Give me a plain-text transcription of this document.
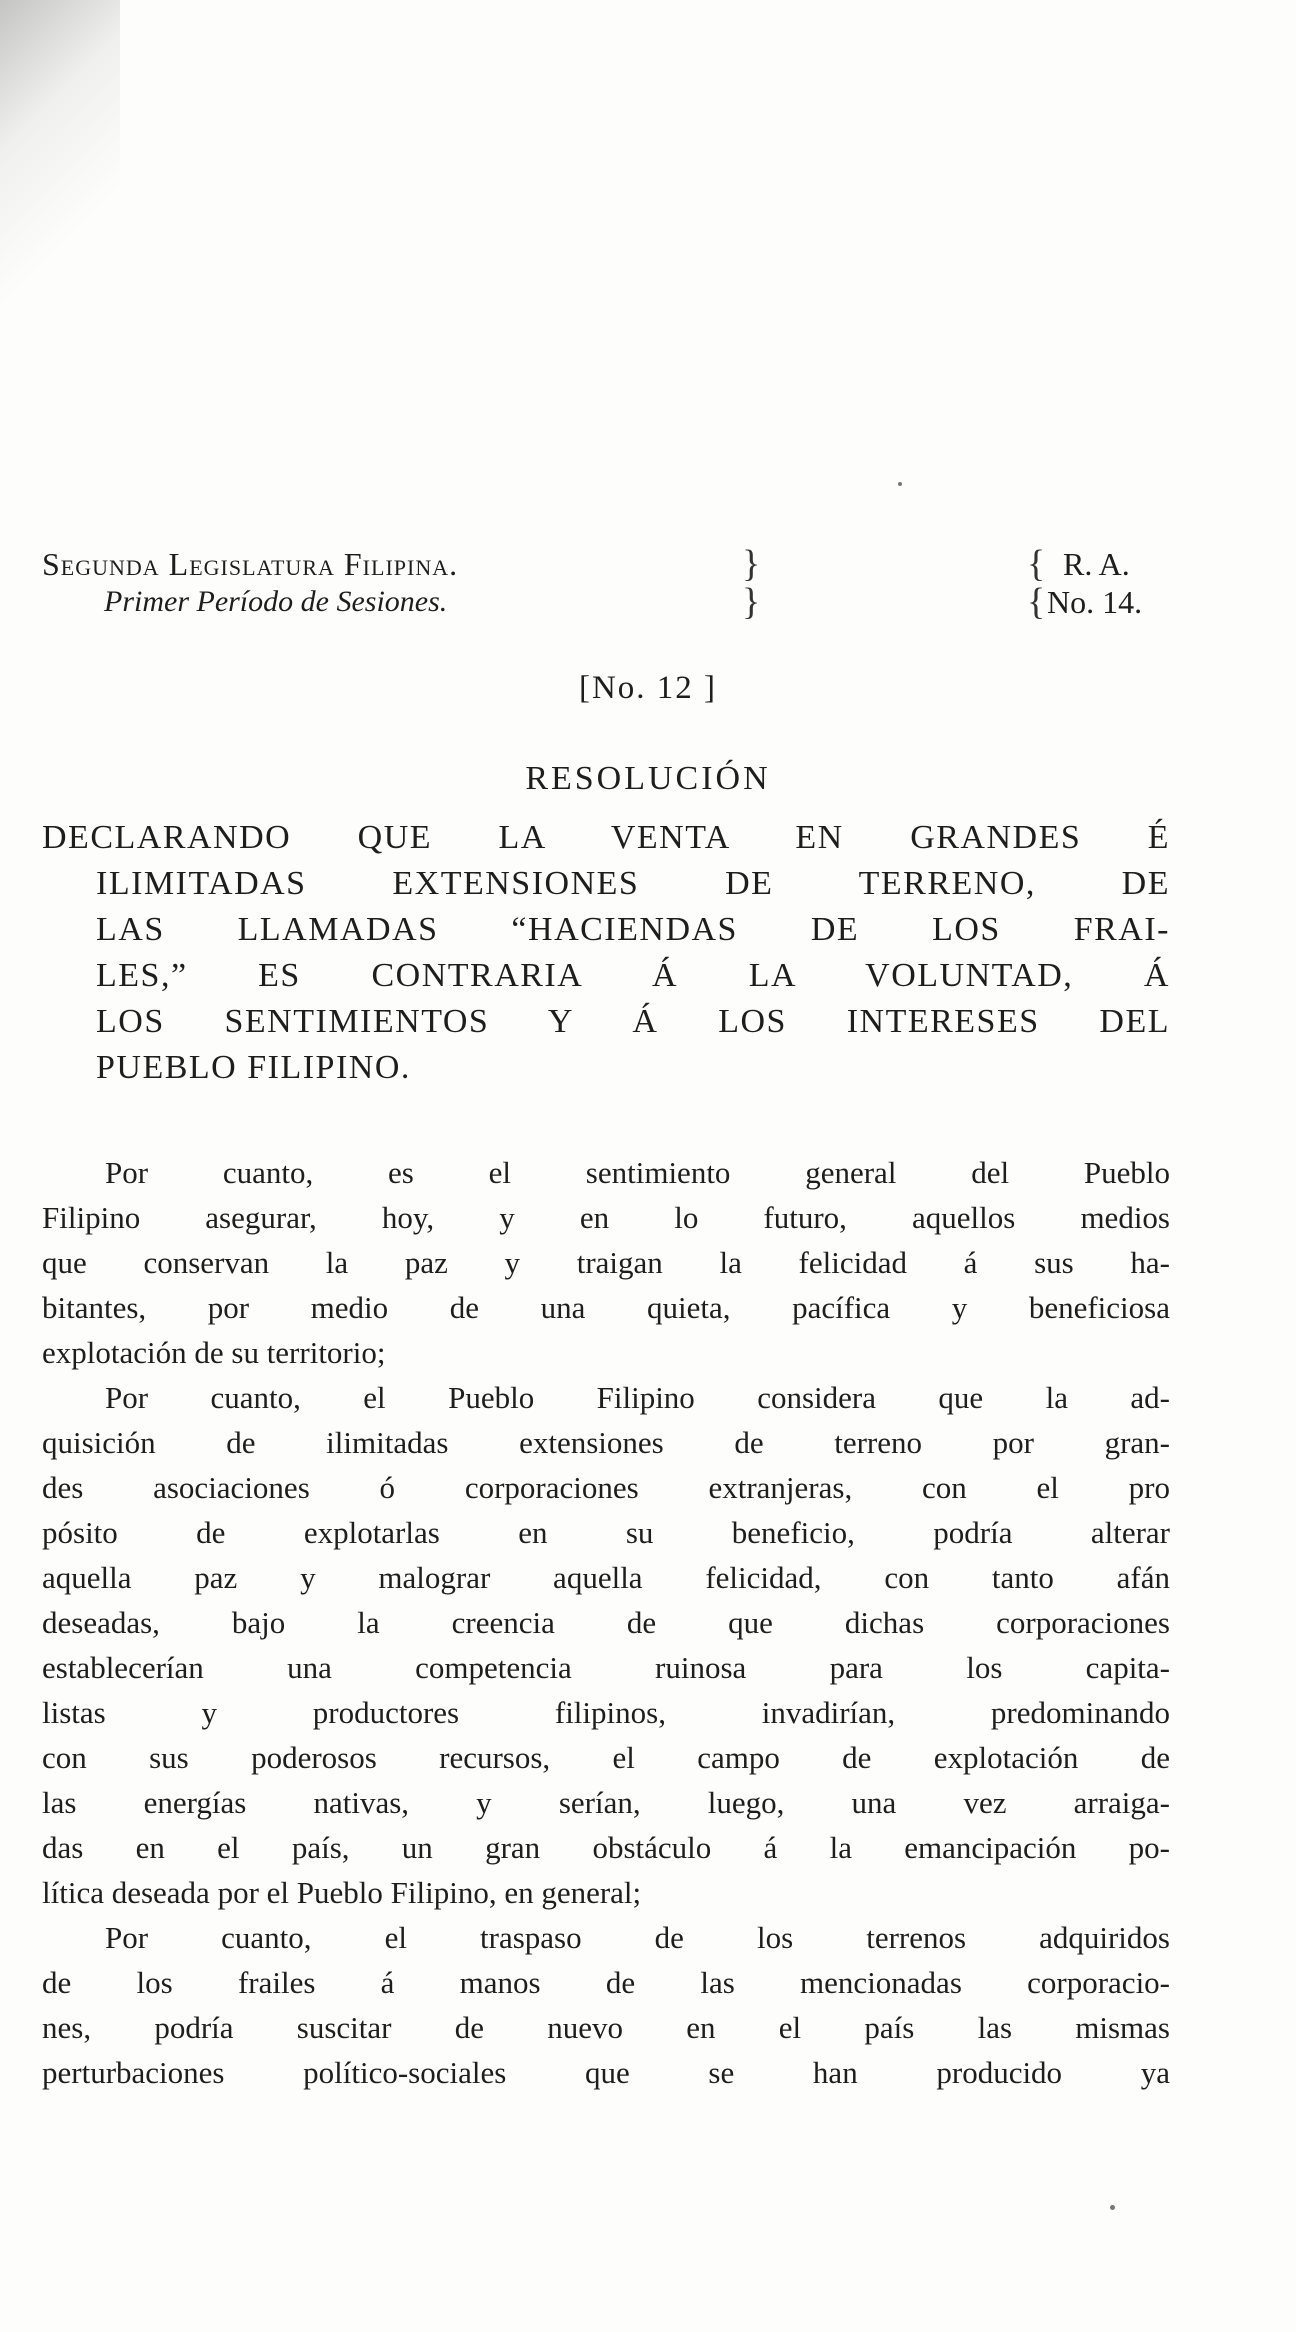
Segunda Legislatura Filipina.
Primer Período de Sesiones.
}
}
{
{
R. A.
No. 14.
[No. 12 ]
RESOLUCIÓN
DECLARANDO QUE LA VENTA EN GRANDES É
ILIMITADAS EXTENSIONES DE TERRENO, DE
LAS LLAMADAS “HACIENDAS DE LOS FRAI-
LES,” ES CONTRARIA Á LA VOLUNTAD, Á
LOS SENTIMIENTOS Y Á LOS INTERESES DEL
PUEBLO FILIPINO.
Por cuanto, es el sentimiento general del Pueblo
Filipino asegurar, hoy, y en lo futuro, aquellos medios
que conservan la paz y traigan la felicidad á sus ha-
bitantes, por medio de una quieta, pacífica y beneficiosa
explotación de su territorio;
Por cuanto, el Pueblo Filipino considera que la ad-
quisición de ilimitadas extensiones de terreno por gran-
des asociaciones ó corporaciones extranjeras, con el pro
pósito de explotarlas en su beneficio, podría alterar
aquella paz y malograr aquella felicidad, con tanto afán
deseadas, bajo la creencia de que dichas corporaciones
establecerían una competencia ruinosa para los capita-
listas y productores filipinos, invadirían, predominando
con sus poderosos recursos, el campo de explotación de
las energías nativas, y serían, luego, una vez arraiga-
das en el país, un gran obstáculo á la emancipación po-
lítica deseada por el Pueblo Filipino, en general;
Por cuanto, el traspaso de los terrenos adquiridos
de los frailes á manos de las mencionadas corporacio-
nes, podría suscitar de nuevo en el país las mismas
perturbaciones político-sociales que se han producido ya
